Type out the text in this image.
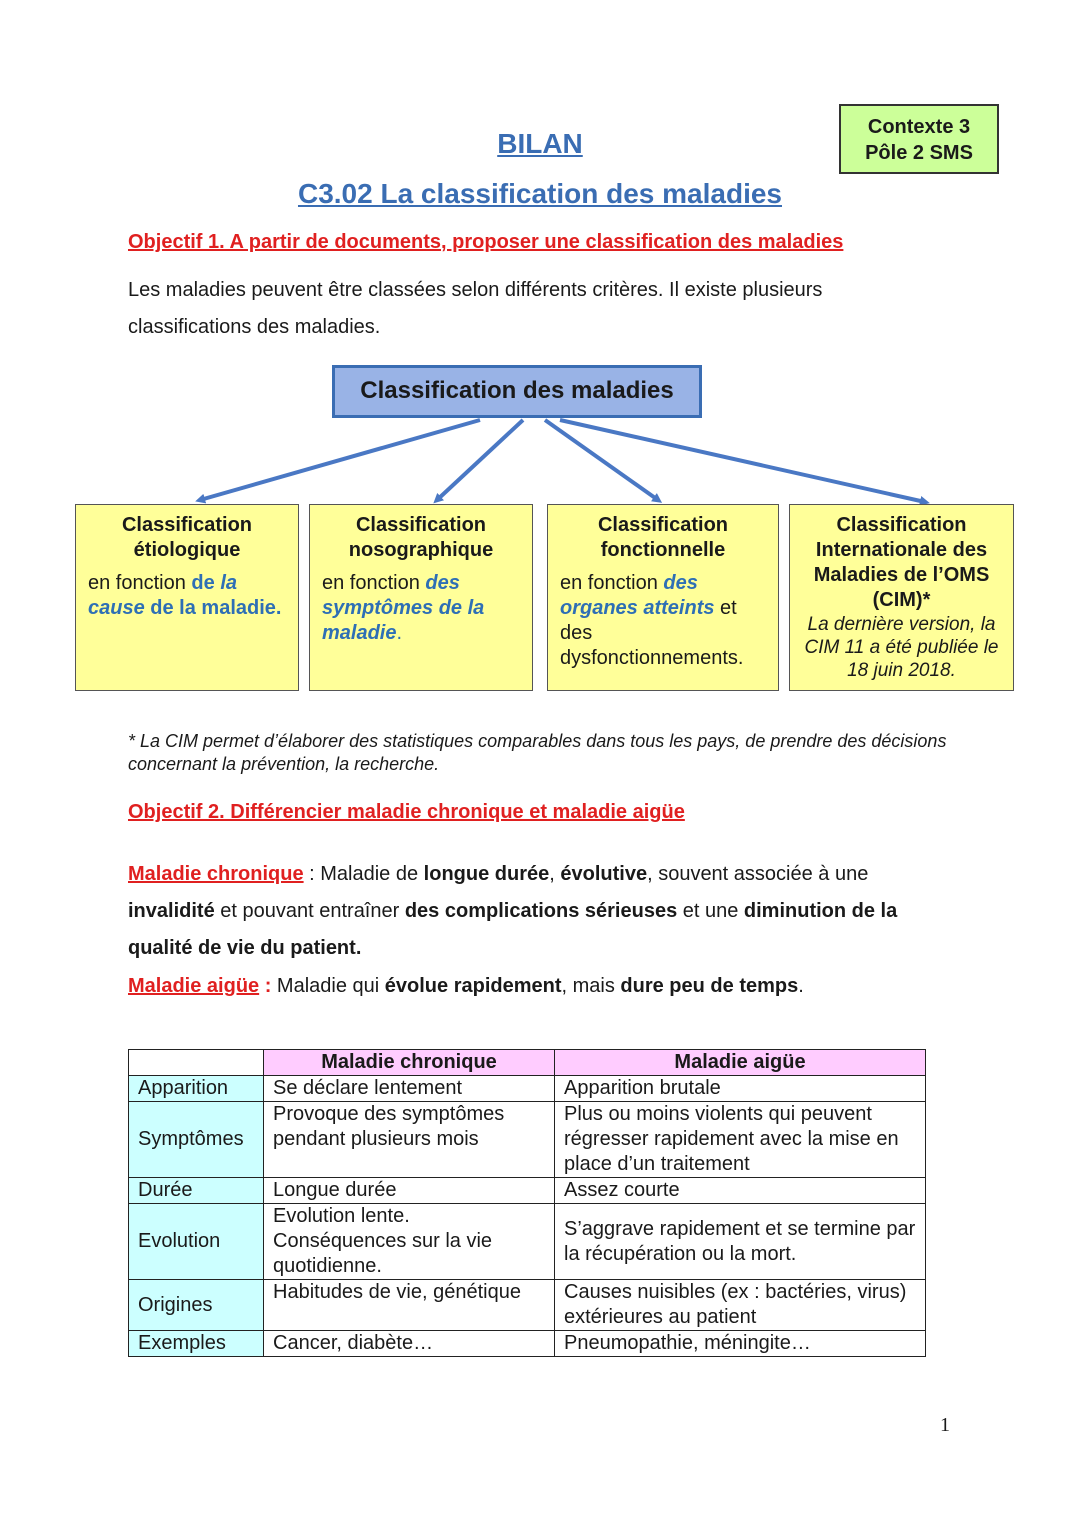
Contexte 3
Pôle 2 SMS
BILAN
C3.02 La classification des maladies
Objectif 1. A partir de documents, proposer une classification des maladies
Les maladies peuvent être classées selon différents critères. Il existe plusieurs classifications des maladies.
Classification des maladies
Classification étiologique
en fonction de la cause de la maladie.
Classification nosographique
en fonction des symptômes de la maladie.
Classification fonctionnelle
en fonction des organes atteints et des dysfonctionnements.
Classification Internationale des Maladies de l’OMS (CIM)*
La dernière version, la CIM 11 a été publiée le 18 juin 2018.
* La CIM permet d’élaborer des statistiques comparables dans tous les pays, de prendre des décisions concernant la prévention, la recherche.
Objectif 2. Différencier maladie chronique et maladie aigüe
Maladie chronique : Maladie de longue durée, évolutive, souvent associée à une invalidité et pouvant entraîner des complications sérieuses et une diminution de la qualité de vie du patient.
Maladie aigüe : Maladie qui évolue rapidement, mais dure peu de temps.
	Maladie chronique	Maladie aigüe
Apparition	Se déclare lentement	Apparition brutale
Symptômes	Provoque des symptômes pendant plusieurs mois	Plus ou moins violents qui peuvent régresser rapidement avec la mise en place d’un traitement
Durée	Longue durée	Assez courte
Evolution	Evolution lente. Conséquences sur la vie quotidienne.	S’aggrave rapidement et se termine par la récupération ou la mort.
Origines	Habitudes de vie, génétique	Causes nuisibles (ex : bactéries, virus) extérieures au patient
Exemples	Cancer, diabète…	Pneumopathie, méningite…
1
